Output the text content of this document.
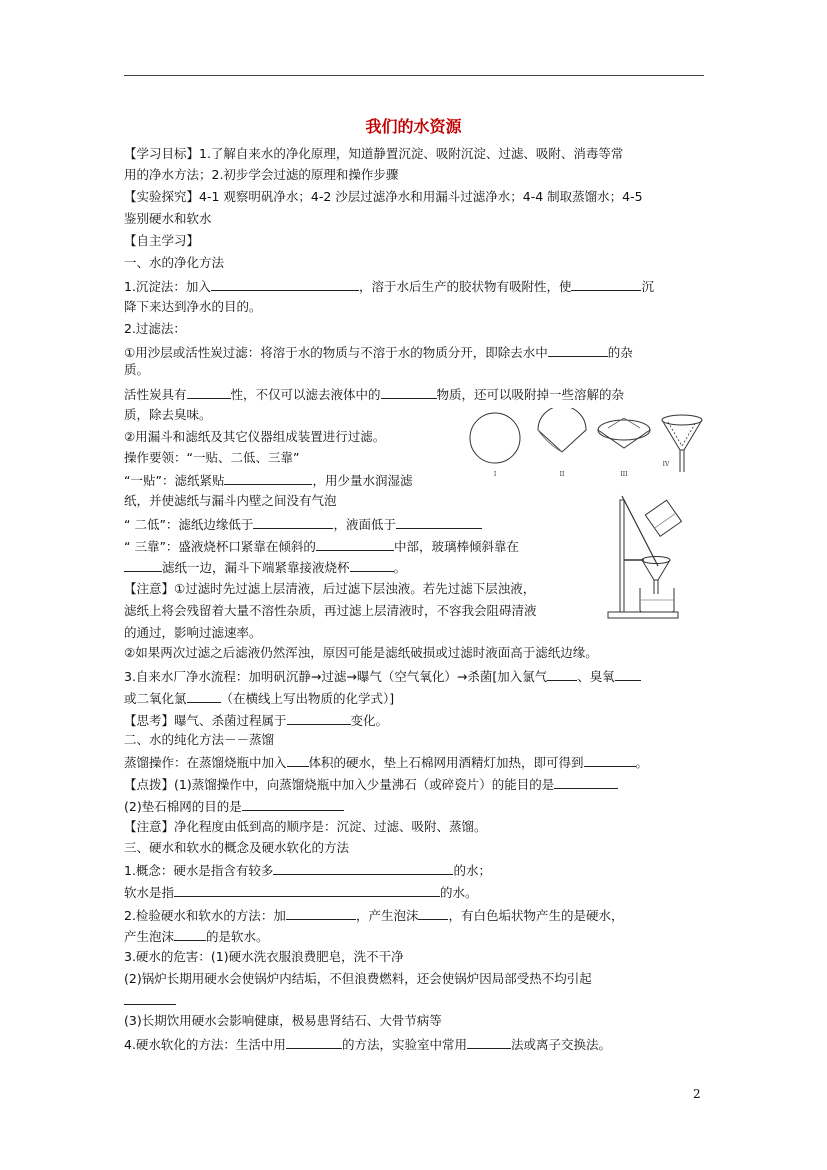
我们的水资源
【学习目标】1.了解自来水的净化原理，知道静置沉淀、吸附沉淀、过滤、吸附、消毒等常
用的净水方法；2.初步学会过滤的原理和操作步骤
【实验探究】4-1 观察明矾净水；4-2 沙层过滤净水和用漏斗过滤净水；4-4 制取蒸馏水；4-5
鉴别硬水和软水
【自主学习】
一、水的净化方法
1.沉淀法：加入	，溶于水后生产的胶状物有吸附性，使	沉
降下来达到净水的目的。
2.过滤法：
①用沙层或活性炭过滤：将溶于水的物质与不溶于水的物质分开，即除去水中	的杂
质。
活性炭具有	性，不仅可以滤去液体中的	物质，还可以吸附掉一些溶解的杂
质，除去臭味。
②用漏斗和滤纸及其它仪器组成装置进行过滤。
操作要领：“一贴、二低、三靠”
“一贴”：滤纸紧贴	，用少量水润湿滤
纸，并使滤纸与漏斗内壁之间没有气泡
“ 二低”：滤纸边缘低于	，液面低于
“ 三靠”：盛液烧杯口紧靠在倾斜的	中部，玻璃棒倾斜靠在
滤纸一边，漏斗下端紧靠接液烧杯	。
【注意】①过滤时先过滤上层清液，后过滤下层浊液。若先过滤下层浊液，
滤纸上将会残留着大量不溶性杂质，再过滤上层清液时，不容我会阻碍清液
的通过，影响过滤速率。
②如果两次过滤之后滤液仍然浑浊，原因可能是滤纸破损或过滤时液面高于滤纸边缘。
3.自来水厂净水流程：加明矾沉静→过滤→曝气（空气氧化）→杀菌[加入氯气 、臭氧
或二氧化氯	（在横线上写出物质的化学式）]
【思考】曝气、杀菌过程属于	变化。
二、水的纯化方法－－蒸馏
蒸馏操作：在蒸馏烧瓶中加入 体积的硬水，垫上石棉网用酒精灯加热，即可得到	。
【点拨】(1)蒸馏操作中，向蒸馏烧瓶中加入少量沸石（或碎瓷片）的能目的是
(2)垫石棉网的目的是
【注意】净化程度由低到高的顺序是：沉淀、过滤、吸附、蒸馏。
三、硬水和软水的概念及硬水软化的方法
1.概念：硬水是指含有较多	的水；
软水是指	的水。
2.检验硬水和软水的方法：加	，产生泡沫 ，有白色垢状物产生的是硬水，
产生泡沫	的是软水。
3.硬水的危害：(1)硬水洗衣服浪费肥皂，洗不干净
(2)锅炉长期用硬水会使锅炉内结垢，不但浪费燃料，还会使锅炉因局部受热不均引起
(3)长期饮用硬水会影响健康，极易患肾结石、大骨节病等
4.硬水软化的方法：生活中用	的方法，实验室中常用	法或离子交换法。
I	II	III
IV
2
